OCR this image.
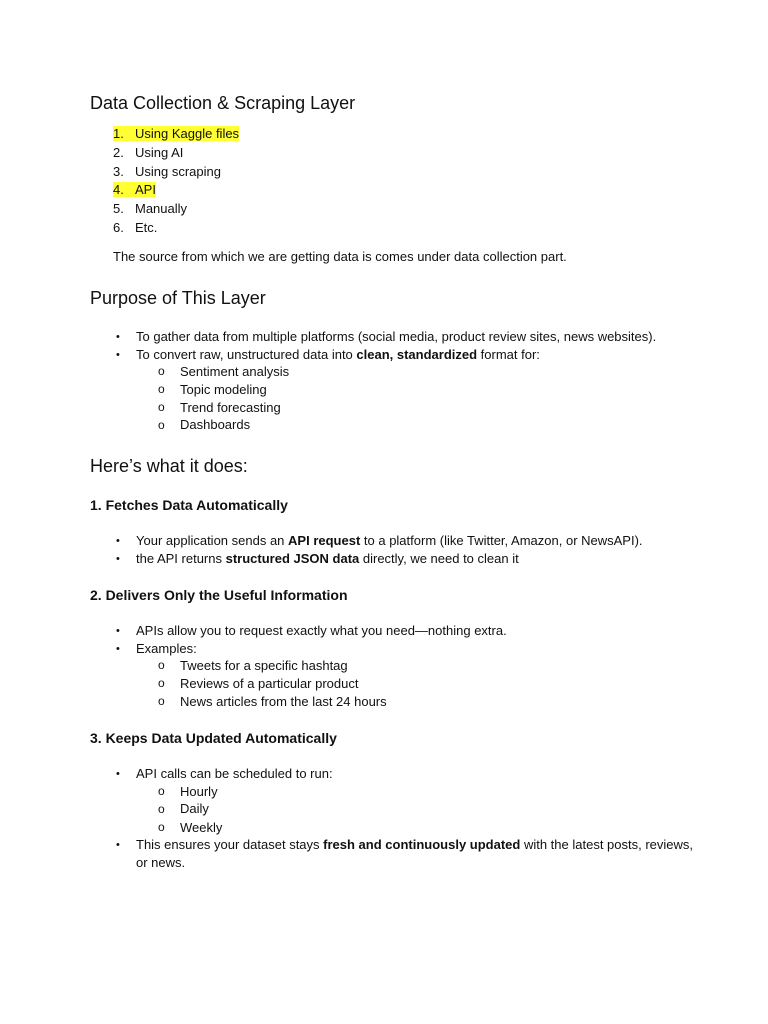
Data Collection & Scraping Layer
1. Using Kaggle files
2. Using AI
3. Using scraping
4. API
5. Manually
6. Etc.
The source from which we are getting data is comes under data collection part.
Purpose of This Layer
• To gather data from multiple platforms (social media, product review sites, news websites).
• To convert raw, unstructured data into clean, standardized format for:
o Sentiment analysis
o Topic modeling
o Trend forecasting
o Dashboards
Here’s what it does:
1. Fetches Data Automatically
• Your application sends an API request to a platform (like Twitter, Amazon, or NewsAPI).
• the API returns structured JSON data directly, we need to clean it
2. Delivers Only the Useful Information
• APIs allow you to request exactly what you need—nothing extra.
• Examples:
o Tweets for a specific hashtag
o Reviews of a particular product
o News articles from the last 24 hours
3. Keeps Data Updated Automatically
• API calls can be scheduled to run:
o Hourly
o Daily
o Weekly
• This ensures your dataset stays fresh and continuously updated with the latest posts, reviews,
or news.
